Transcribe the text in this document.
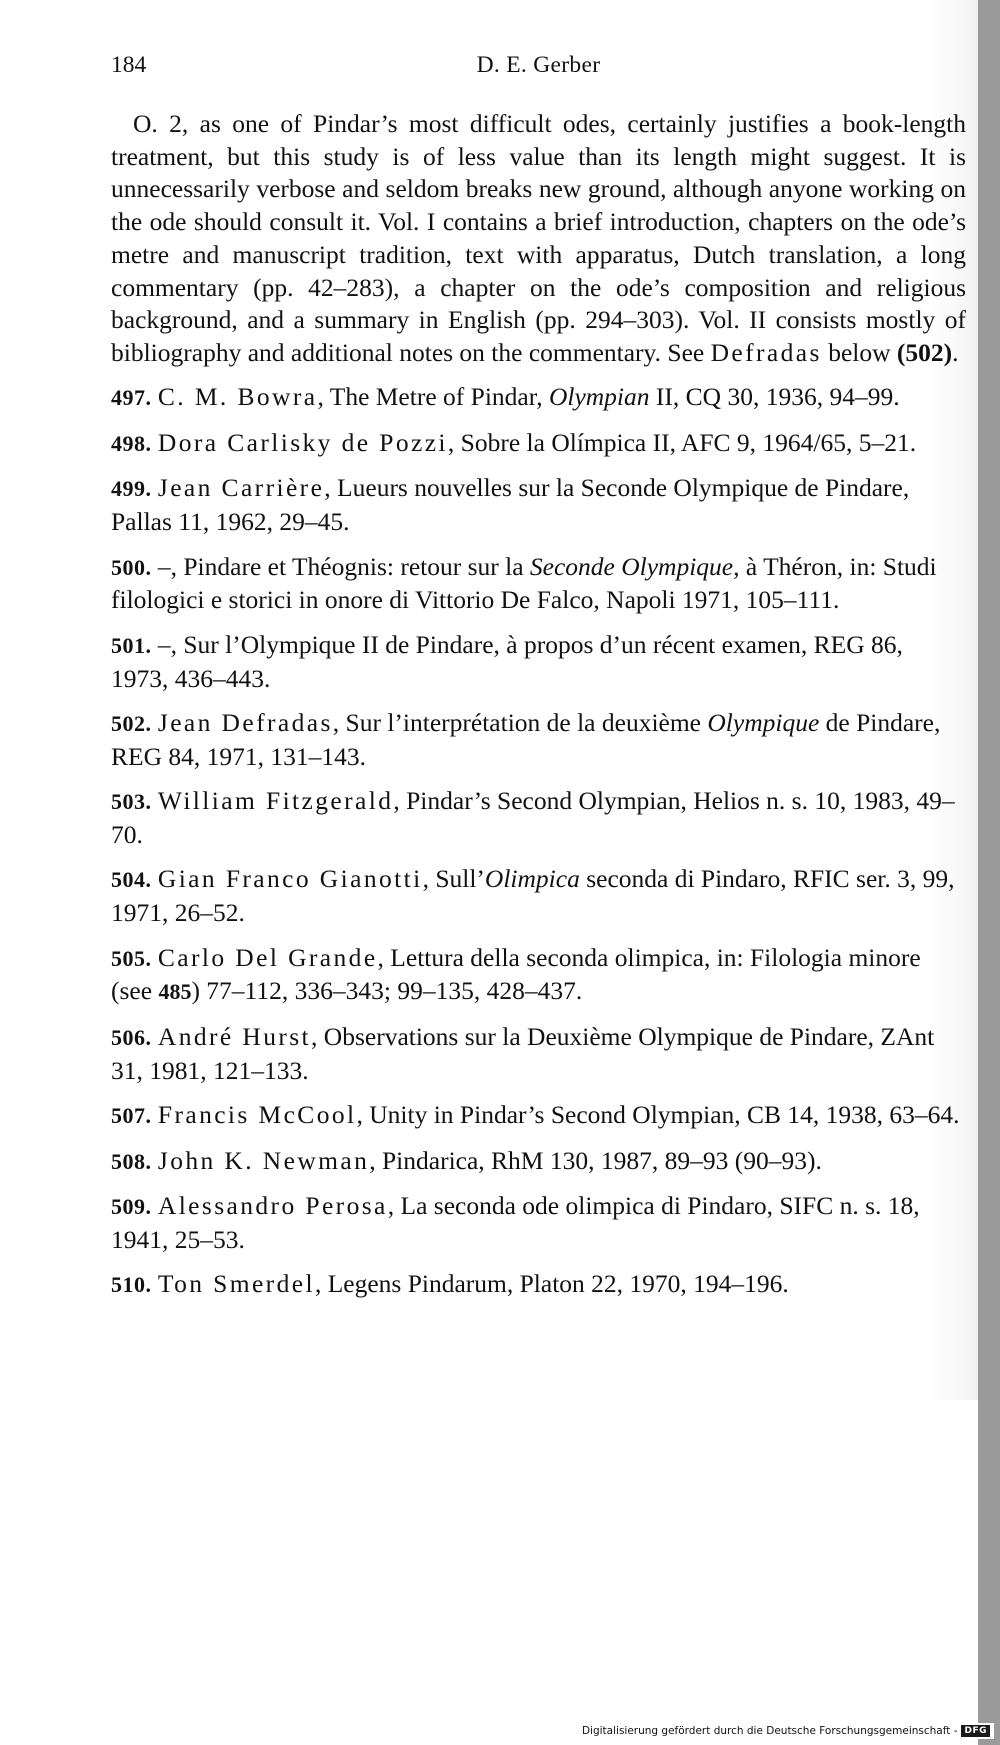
184	D. E. Gerber

O. 2, as one of Pindar’s most difficult odes, certainly justifies a book-length treatment, but this study is of less value than its length might suggest. It is unnecessarily verbose and seldom breaks new ground, although anyone working on the ode should consult it. Vol. I contains a brief introduction, chapters on the ode’s metre and manuscript tradition, text with apparatus, Dutch translation, a long commentary (pp. 42–283), a chapter on the ode’s composition and religious background, and a summary in English (pp. 294–303). Vol. II consists mostly of bibliography and additional notes on the commentary. See Defradas below (502).

497. C. M. Bowra, The Metre of Pindar, Olympian II, CQ 30, 1936, 94–99.

498. Dora Carlisky de Pozzi, Sobre la Olímpica II, AFC 9, 1964/65, 5–21.

499. Jean Carrière, Lueurs nouvelles sur la Seconde Olympique de Pindare, Pallas 11, 1962, 29–45.

500. –, Pindare et Théognis: retour sur la Seconde Olympique, à Théron, in: Studi filologici e storici in onore di Vittorio De Falco, Napoli 1971, 105–111.

501. –, Sur l’Olympique II de Pindare, à propos d’un récent examen, REG 86, 1973, 436–443.

502. Jean Defradas, Sur l’interprétation de la deuxième Olympique de Pindare, REG 84, 1971, 131–143.

503. William Fitzgerald, Pindar’s Second Olympian, Helios n. s. 10, 1983, 49–70.

504. Gian Franco Gianotti, Sull’Olimpica seconda di Pindaro, RFIC ser. 3, 99, 1971, 26–52.

505. Carlo Del Grande, Lettura della seconda olimpica, in: Filologia minore (see 485) 77–112, 336–343; 99–135, 428–437.

506. André Hurst, Observations sur la Deuxième Olympique de Pindare, ZAnt 31, 1981, 121–133.

507. Francis McCool, Unity in Pindar’s Second Olympian, CB 14, 1938, 63–64.

508. John K. Newman, Pindarica, RhM 130, 1987, 89–93 (90–93).

509. Alessandro Perosa, La seconda ode olimpica di Pindaro, SIFC n. s. 18, 1941, 25–53.

510. Ton Smerdel, Legens Pindarum, Platon 22, 1970, 194–196.

Digitalisierung gefördert durch die Deutsche Forschungsgemeinschaft - DFG
